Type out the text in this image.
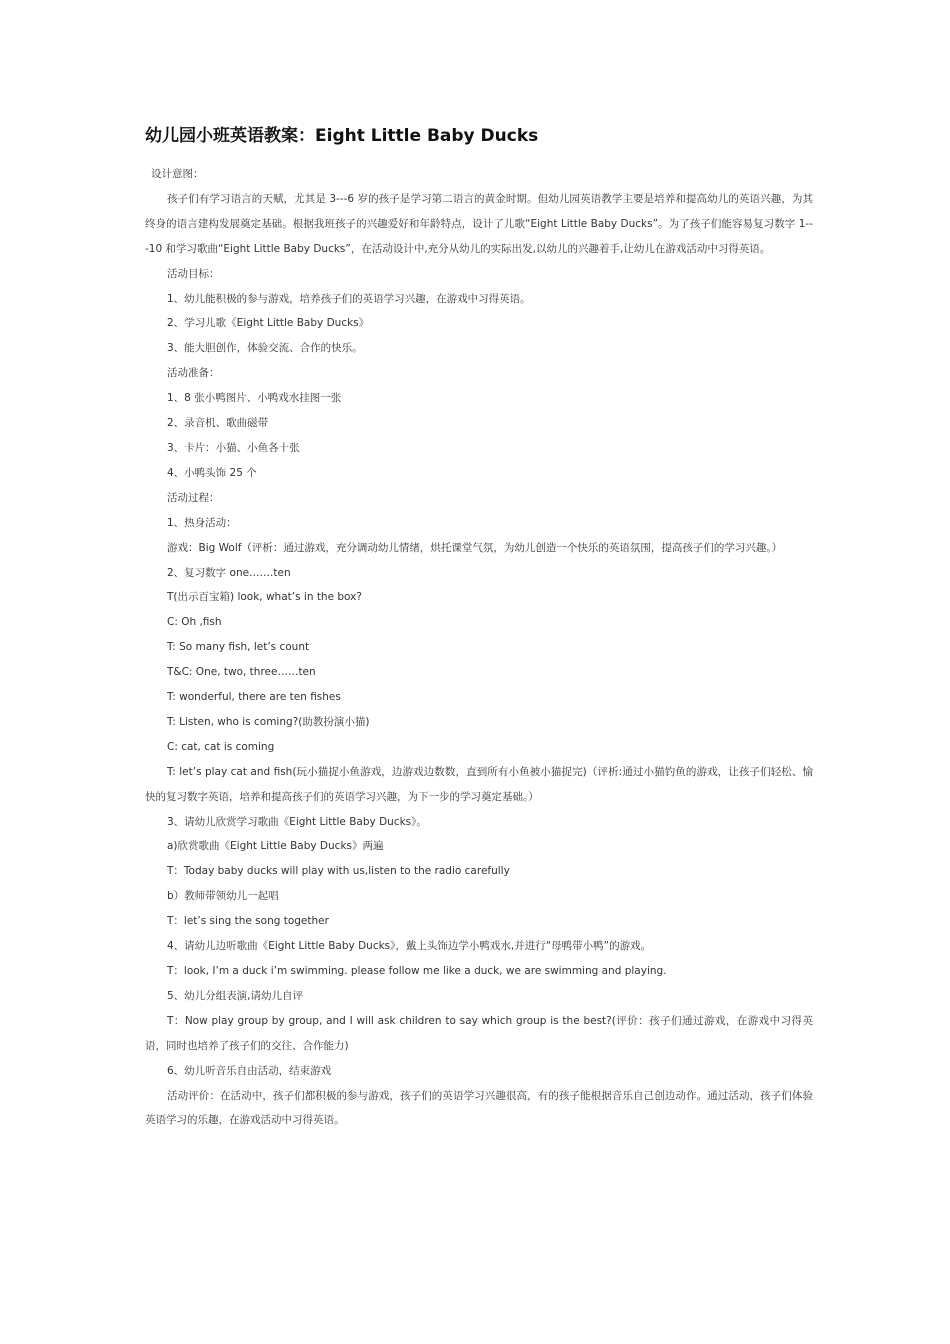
幼儿园小班英语教案：Eight Little Baby Ducks

设计意图：

孩子们有学习语言的天赋，尤其是 3---6 岁的孩子是学习第二语言的黄金时期。但幼儿园英语教学主要是培养和提高幼儿的英语兴趣，为其终身的语言建构发展奠定基础。根据我班孩子的兴趣爱好和年龄特点，设计了儿歌“Eight Little Baby Ducks”。为了孩子们能容易复习数字 1---10 和学习歌曲“Eight Little Baby Ducks”，在活动设计中,充分从幼儿的实际出发,以幼儿的兴趣着手,让幼儿在游戏活动中习得英语。

活动目标：

1、幼儿能积极的参与游戏，培养孩子们的英语学习兴趣，在游戏中习得英语。

2、学习儿歌《Eight Little Baby Ducks》

3、能大胆创作，体验交流、合作的快乐。

活动准备：

1、8 张小鸭图片、小鸭戏水挂图一张

2、录音机、歌曲磁带

3、卡片：小猫、小鱼各十张

4、小鸭头饰 25 个

活动过程：

1、热身活动：

游戏：Big Wolf（评析：通过游戏，充分调动幼儿情绪，烘托课堂气氛，为幼儿创造一个快乐的英语氛围，提高孩子们的学习兴趣。）

2、复习数字 one…….ten

T(出示百宝箱) look, what’s in the box?

C: Oh ,fish

T: So many fish, let’s count

T&C: One, two, three……ten

T: wonderful, there are ten fishes

T: Listen, who is coming?(助教扮演小猫)

C: cat, cat is coming

T: let’s play cat and fish(玩小猫捉小鱼游戏，边游戏边数数，直到所有小鱼被小猫捉完)（评析:通过小猫钓鱼的游戏，让孩子们轻松、愉快的复习数字英语，培养和提高孩子们的英语学习兴趣，为下一步的学习奠定基础。）

3、请幼儿欣赏学习歌曲《Eight Little Baby Ducks》。

a)欣赏歌曲《Eight Little Baby Ducks》两遍

T：Today baby ducks will play with us,listen to the radio carefully

b）教师带领幼儿一起唱

T：let’s sing the song together

4、请幼儿边听歌曲《Eight Little Baby Ducks》，戴上头饰边学小鸭戏水,并进行“母鸭带小鸭”的游戏。

T：look, I’m a duck i’m swimming. please follow me like a duck, we are swimming and playing.

5、幼儿分组表演,请幼儿自评

T：Now play group by group, and I will ask children to say which group is the best?(评价：孩子们通过游戏，在游戏中习得英语，同时也培养了孩子们的交往、合作能力)

6、幼儿听音乐自由活动，结束游戏

活动评价：在活动中，孩子们都积极的参与游戏，孩子们的英语学习兴趣很高，有的孩子能根据音乐自己创边动作。通过活动，孩子们体验英语学习的乐趣，在游戏活动中习得英语。
